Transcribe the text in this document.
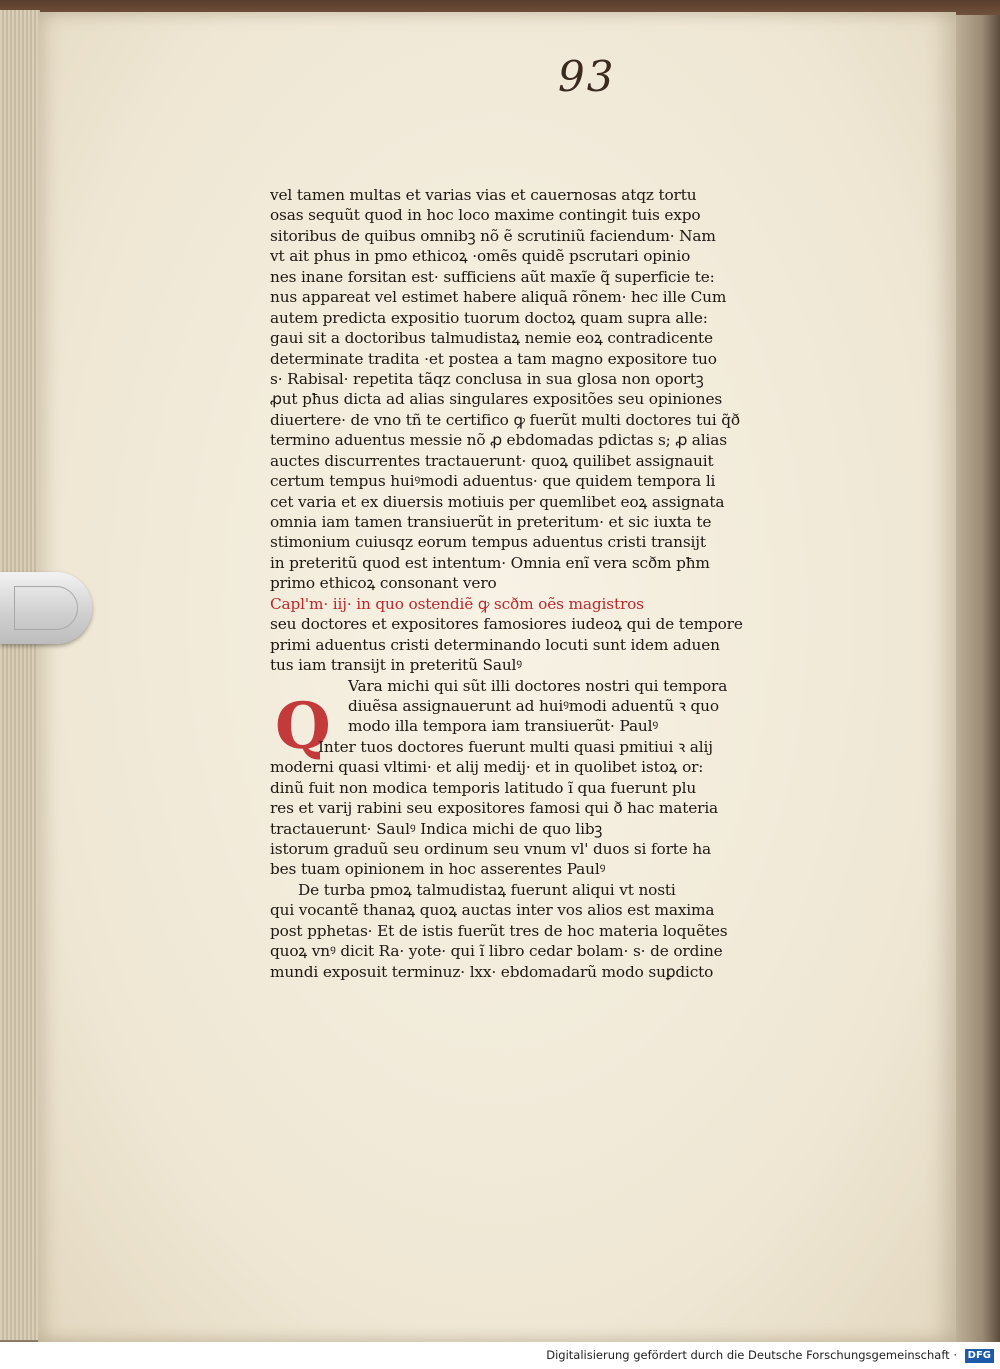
93
Q
vel tamen multas et varias vias et cauernosas atqz tortu
osas sequũt quod in hoc loco maxime contingit tuis expo
sitoribus de quibus omnibꝫ nõ ẽ scrutiniũ faciendum· Nam
vt ait phus in pmo ethicoꝝ ·omẽs quidẽ pscrutari opinio
nes inane forsitan est· sufficiens aũt maxĩe q̃ superficie te:
nus appareat vel estimet habere aliquã rõnem· hec ille Cum
autem predicta expositio tuorum doctoꝝ quam supra alle:
gaui sit a doctoribus talmudistaꝝ nemie eoꝝ contradicente
determinate tradita ·et postea a tam magno expositore tuo
s· Rabisal· repetita tãqz conclusa in sua glosa non oportꝫ
ꝓut pħus dicta ad alias singulares expositões seu opiniones
diuertere· de vno tñ te certifico ꝙ fuerũt multi doctores tui q̃ð
termino aduentus messie nõ ꝓ ebdomadas pdictas s; ꝓ alias
auctes discurrentes tractauerunt· quoꝝ quilibet assignauit
certum tempus huiꝰmodi aduentus· que quidem tempora li
cet varia et ex diuersis motiuis per quemlibet eoꝝ assignata
omnia iam tamen transiuerũt in preteritum· et sic iuxta te
stimonium cuiusqz eorum tempus aduentus cristi transijt
in preteritũ quod est intentum· Omnia enĩ vera scðm pħm
primo ethicoꝝ consonant vero
Capl'm· iij· in quo ostendiẽ ꝙ scðm oẽs magistros
seu doctores et expositores famosiores iudeoꝝ qui de tempore
primi aduentus cristi determinando locuti sunt idem aduen
tus iam transijt in preteritũ Saulꝰ
Vara michi qui sũt illi doctores nostri qui tempora
diuẽsa assignauerunt ad huiꝰmodi aduentũ ꝛ quo
modo illa tempora iam transiuerũt· Paulꝰ
Inter tuos doctores fuerunt multi quasi pmitiui ꝛ alij
moderni quasi vltimi· et alij medij· et in quolibet istoꝝ or:
dinũ fuit non modica temporis latitudo ĩ qua fuerunt plu
res et varij rabini seu expositores famosi qui ð hac materia
tractauerunt· Saulꝰ Indica michi de quo libꝫ
istorum graduũ seu ordinum seu vnum vl' duos si forte ha
bes tuam opinionem in hoc asserentes Paulꝰ
De turba pmoꝝ talmudistaꝝ fuerunt aliqui vt nosti
qui vocantẽ thanaꝝ quoꝝ auctas inter vos alios est maxima
post pphetas· Et de istis fuerũt tres de hoc materia loquẽtes
quoꝝ vnꝰ dicit Ra· yote· qui ĩ libro cedar bolam· s· de ordine
mundi exposuit terminuz· lxx· ebdomadarũ modo suꝑdicto
Digitalisierung gefördert durch die Deutsche Forschungsgemeinschaft · DFG
